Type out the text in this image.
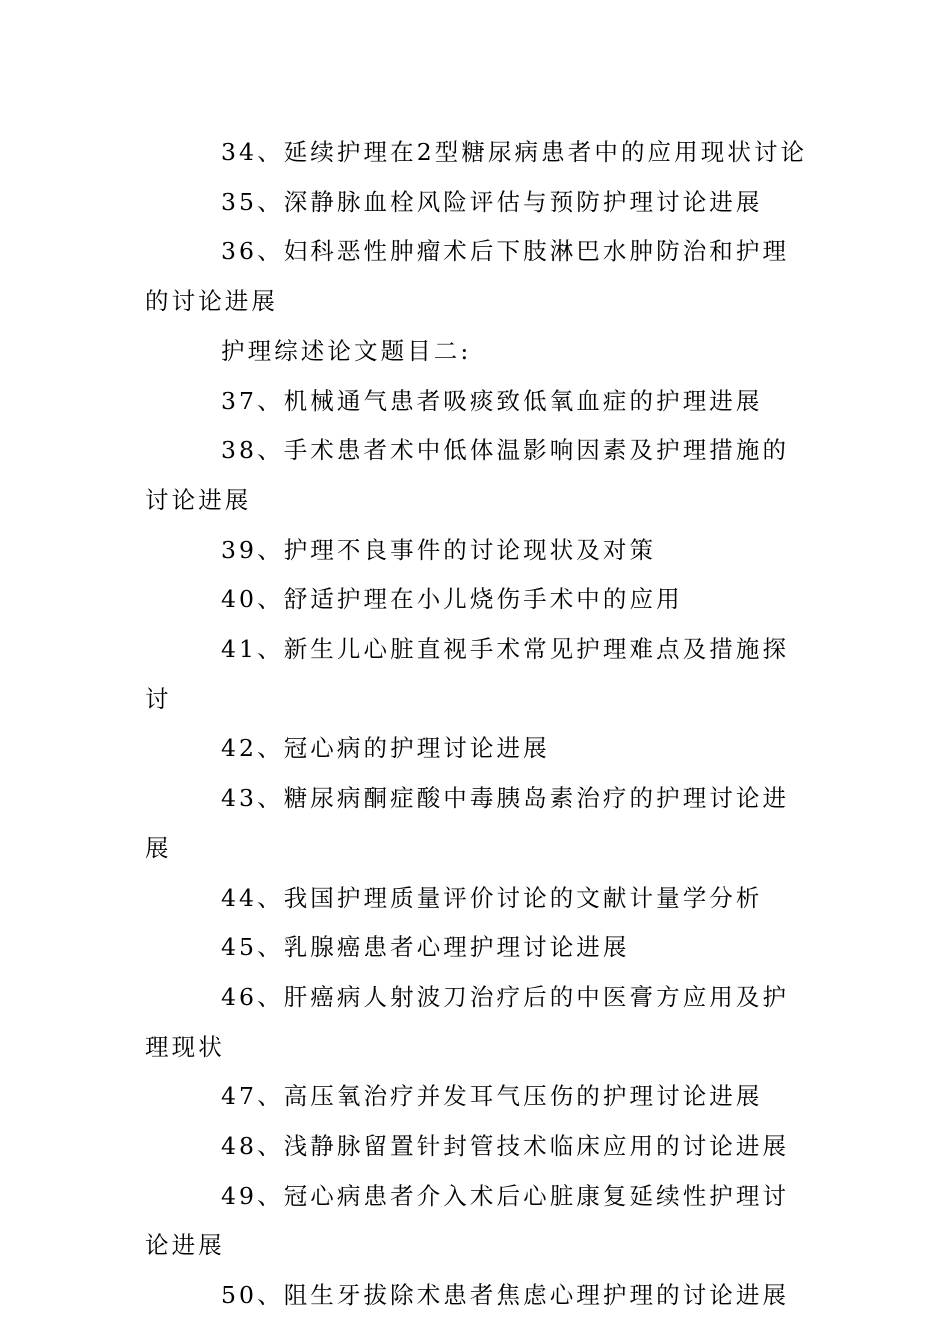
34、延续护理在2型糖尿病患者中的应用现状讨论

35、深静脉血栓风险评估与预防护理讨论进展

36、妇科恶性肿瘤术后下肢淋巴水肿防治和护理的讨论进展

护理综述论文题目二:

37、机械通气患者吸痰致低氧血症的护理进展

38、手术患者术中低体温影响因素及护理措施的讨论进展

39、护理不良事件的讨论现状及对策

40、舒适护理在小儿烧伤手术中的应用

41、新生儿心脏直视手术常见护理难点及措施探讨

42、冠心病的护理讨论进展

43、糖尿病酮症酸中毒胰岛素治疗的护理讨论进展

44、我国护理质量评价讨论的文献计量学分析

45、乳腺癌患者心理护理讨论进展

46、肝癌病人射波刀治疗后的中医膏方应用及护理现状

47、高压氧治疗并发耳气压伤的护理讨论进展

48、浅静脉留置针封管技术临床应用的讨论进展

49、冠心病患者介入术后心脏康复延续性护理讨论进展

50、阻生牙拔除术患者焦虑心理护理的讨论进展
